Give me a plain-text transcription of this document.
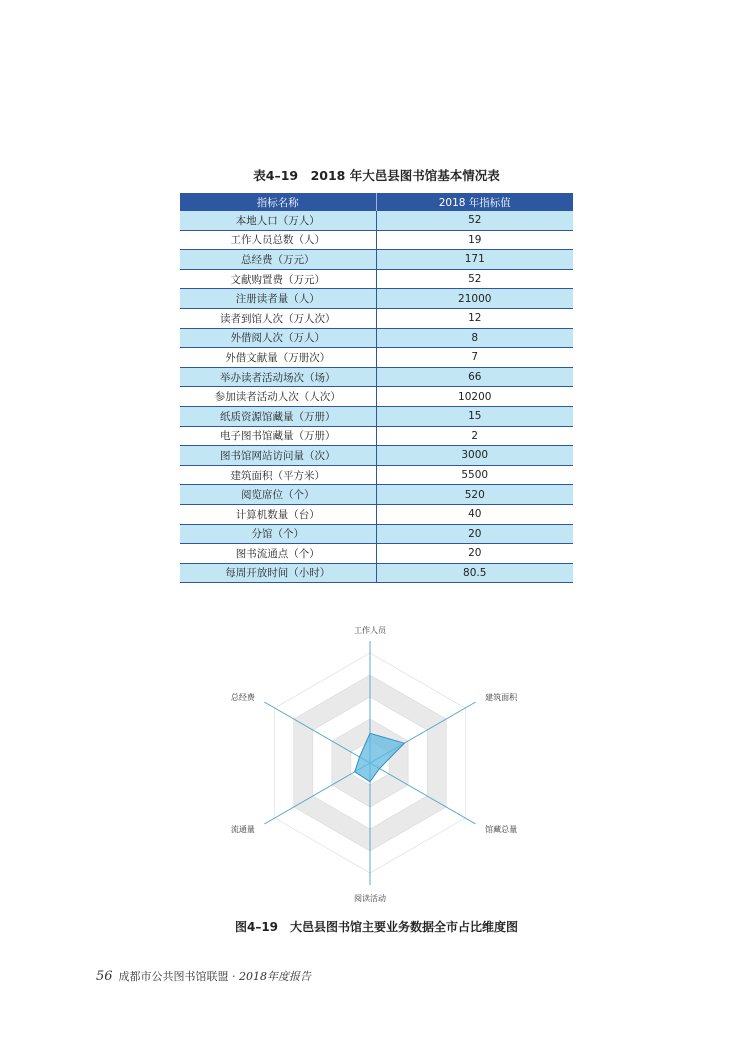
表4–19　2018 年大邑县图书馆基本情况表
指标名称	2018 年指标值
本地人口（万人）	52
工作人员总数（人）	19
总经费（万元）	171
文献购置费（万元）	52
注册读者量（人）	21000
读者到馆人次（万人次）	12
外借阅人次（万人）	8
外借文献量（万册次）	7
举办读者活动场次（场）	66
参加读者活动人次（人次）	10200
纸质资源馆藏量（万册）	15
电子图书馆藏量（万册）	2
图书馆网站访问量（次）	3000
建筑面积（平方米）	5500
阅览席位（个）	520
计算机数量（台）	40
分馆（个）	20
图书流通点（个）	20
每周开放时间（小时）	80.5
工作人员
建筑面积
馆藏总量
阅读活动
流通量
总经费
图4–19　大邑县图书馆主要业务数据全市占比维度图
56 成都市公共图书馆联盟 · 2018年度报告
